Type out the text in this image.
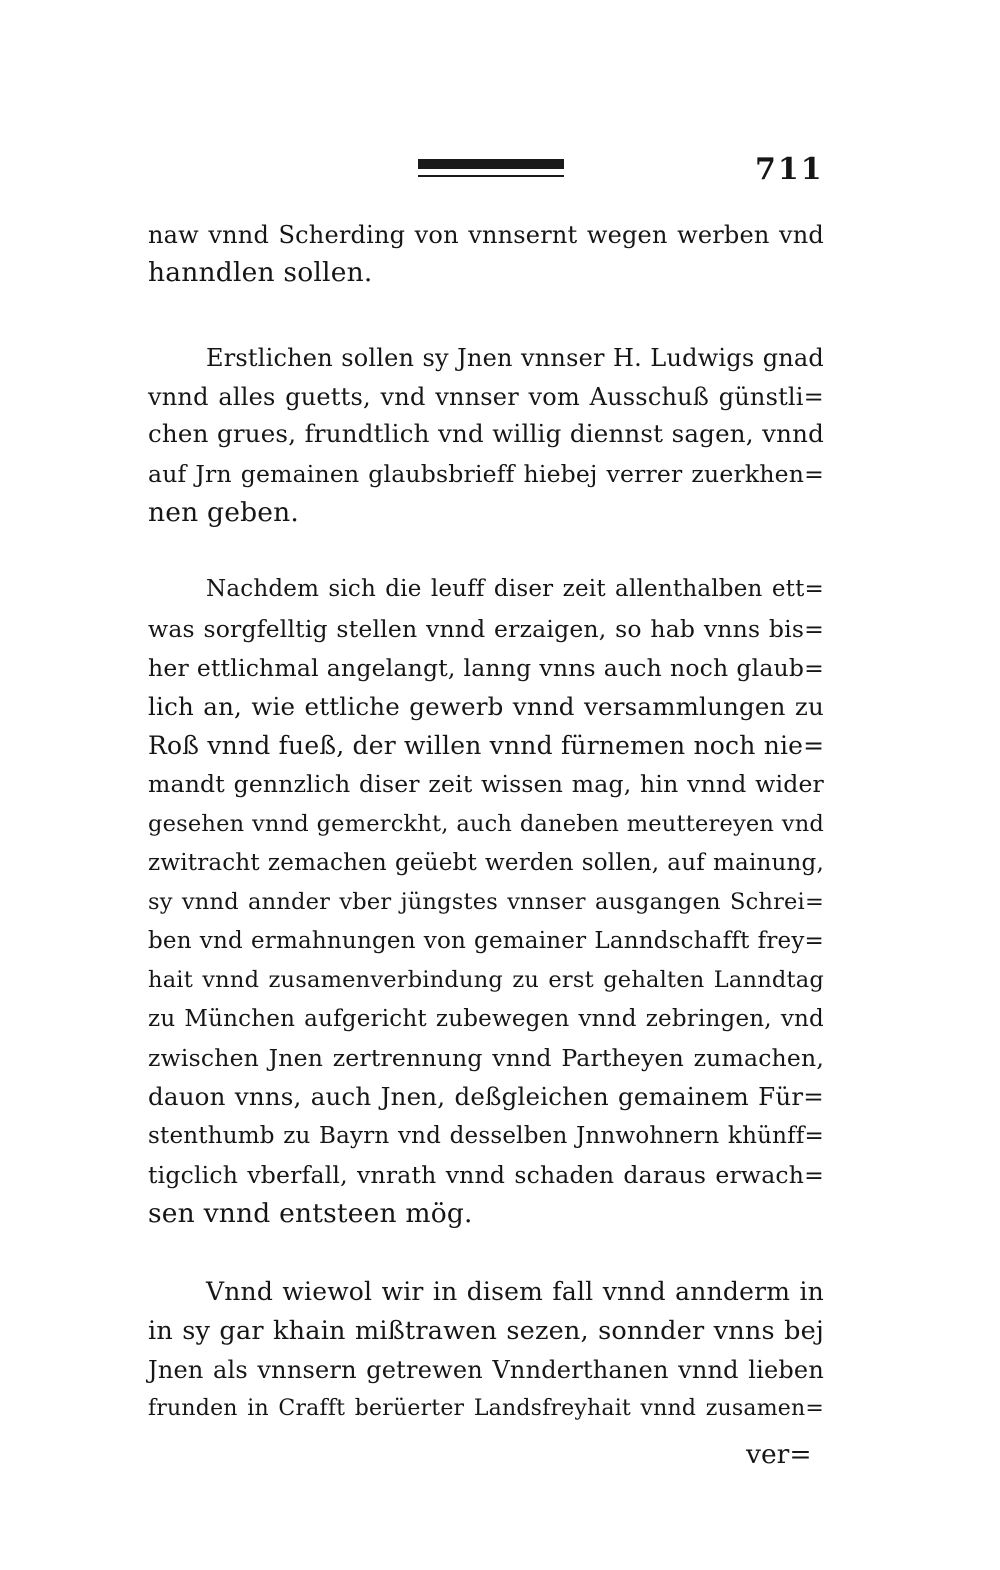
711
naw vnnd Scherding von vnnsernt wegen werben vnd
hanndlen sollen.
Erstlichen sollen sy Jnen vnnser H. Ludwigs gnad
vnnd alles guetts, vnd vnnser vom Ausschuß günstli=
chen grues, frundtlich vnd willig diennst sagen, vnnd
auf Jrn gemainen glaubsbrieff hiebej verrer zuerkhen=
nen geben.
Nachdem sich die leuff diser zeit allenthalben ett=
was sorgfelltig stellen vnnd erzaigen, so hab vnns bis=
her ettlichmal angelangt, lanng vnns auch noch glaub=
lich an, wie ettliche gewerb vnnd versammlungen zu
Roß vnnd fueß, der willen vnnd fürnemen noch nie=
mandt gennzlich diser zeit wissen mag, hin vnnd wider
gesehen vnnd gemerckht, auch daneben meuttereyen vnd
zwitracht zemachen geüebt werden sollen, auf mainung,
sy vnnd annder vber jüngstes vnnser ausgangen Schrei=
ben vnd ermahnungen von gemainer Lanndschafft frey=
hait vnnd zusamenverbindung zu erst gehalten Lanndtag
zu München aufgericht zubewegen vnnd zebringen, vnd
zwischen Jnen zertrennung vnnd Partheyen zumachen,
dauon vnns, auch Jnen, deßgleichen gemainem Für=
stenthumb zu Bayrn vnd desselben Jnnwohnern khünff=
tigclich vberfall, vnrath vnnd schaden daraus erwach=
sen vnnd entsteen mög.
Vnnd wiewol wir in disem fall vnnd annderm in
in sy gar khain mißtrawen sezen, sonnder vnns bej
Jnen als vnnsern getrewen Vnnderthanen vnnd lieben
frunden in Crafft berüerter Landsfreyhait vnnd zusamen=
ver=
